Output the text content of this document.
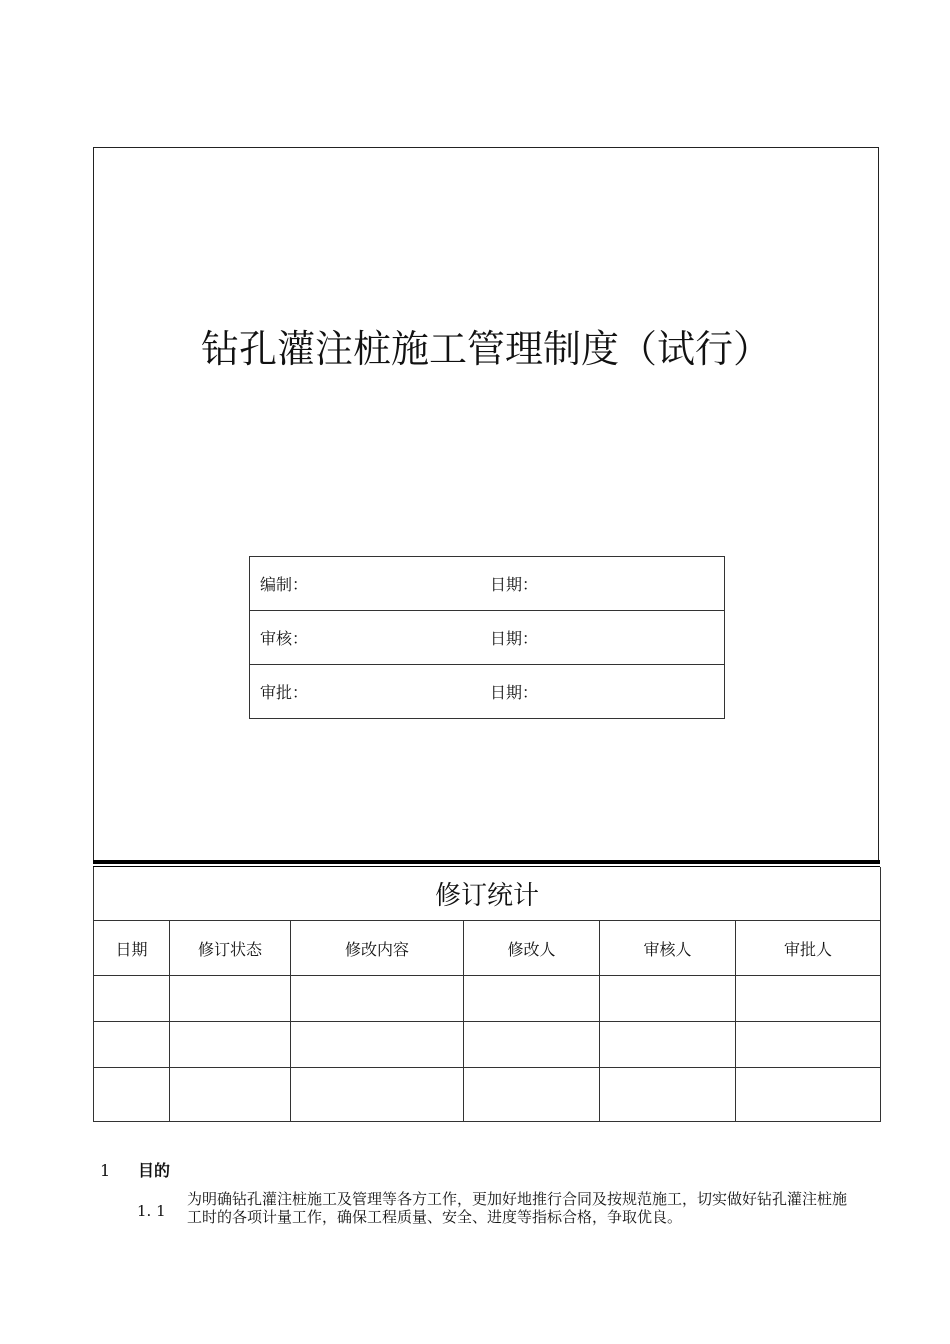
钻孔灌注桩施工管理制度（试行）
编制：	日期：
审核：	日期：
审批：	日期：
修订统计					
日期	修订状态	修改内容	修改人	审核人	审批人

1 目的
1. 1
为明确钻孔灌注桩施工及管理等各方工作，更加好地推行合同及按规范施工，切实做好钻孔灌注桩施工时的各项计量工作，确保工程质量、安全、进度等指标合格，争取优良。
